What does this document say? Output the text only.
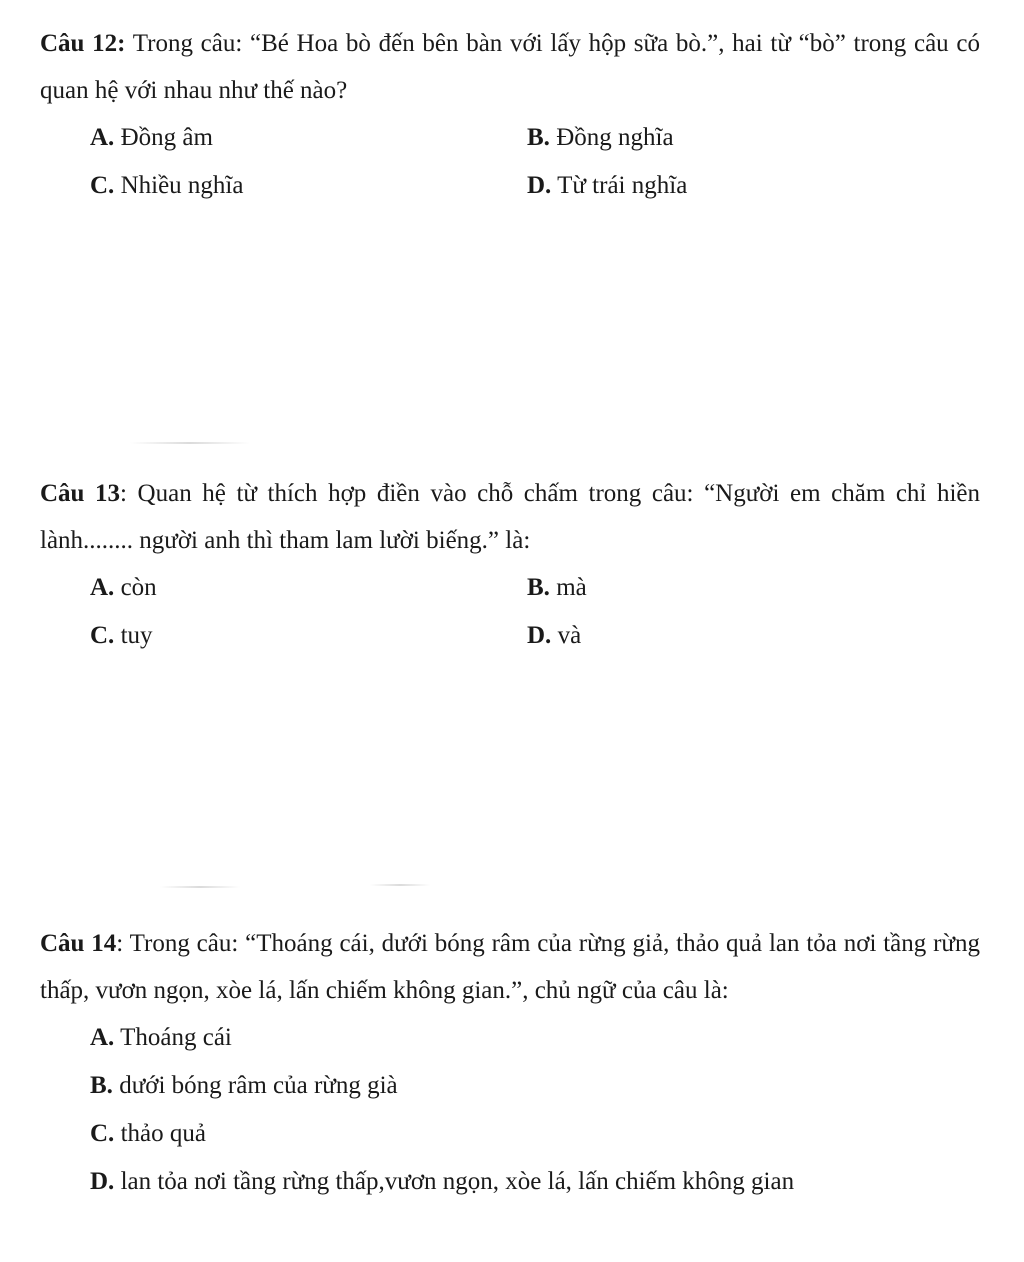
Câu 12: Trong câu: “Bé Hoa bò đến bên bàn với lấy hộp sữa bò.”, hai từ “bò” trong câu có quan hệ với nhau như thế nào?

A. Đồng âm	B. Đồng nghĩa
C. Nhiều nghĩa	D. Từ trái nghĩa

Câu 13: Quan hệ từ thích hợp điền vào chỗ chấm trong câu: “Người em chăm chỉ hiền lành........ người anh thì tham lam lười biếng.” là:

A. còn	B. mà
C. tuy	D. và

Câu 14: Trong câu: “Thoáng cái, dưới bóng râm của rừng giả, thảo quả lan tỏa nơi tầng rừng thấp, vươn ngọn, xòe lá, lấn chiếm không gian.”, chủ ngữ của câu là:

A. Thoáng cái
B. dưới bóng râm của rừng già
C. thảo quả
D. lan tỏa nơi tầng rừng thấp,vươn ngọn, xòe lá, lấn chiếm không gian
